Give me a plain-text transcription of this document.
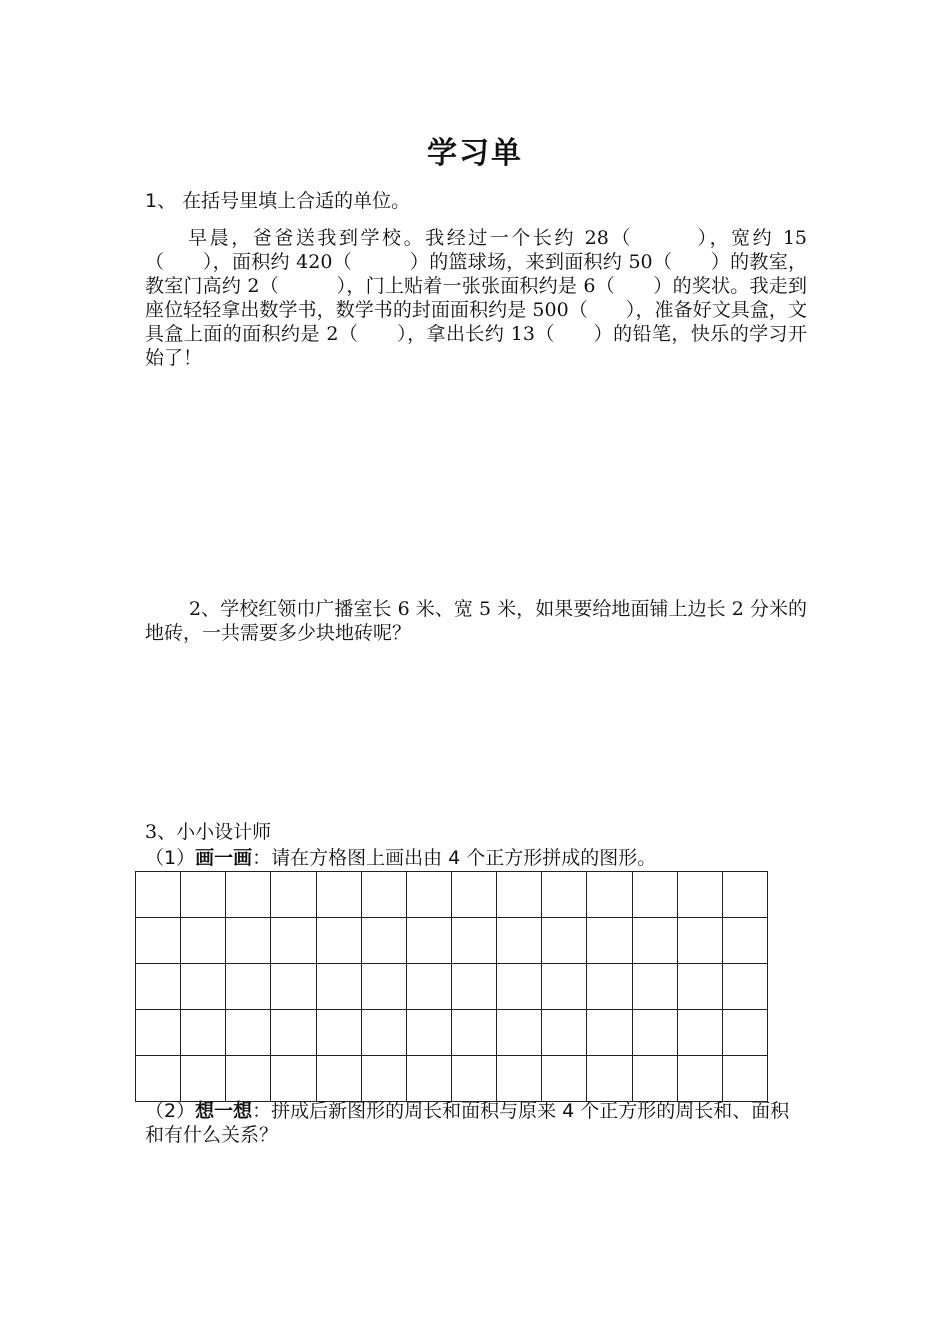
学习单
1、 在括号里填上合适的单位。
　　早晨，爸爸送我到学校。我经过一个长约 28（　　　），宽约 15（　　），面积约 420（　　　）的篮球场，来到面积约 50（　　）的教室，教室门高约 2（　　　），门上贴着一张张面积约是 6（　　）的奖状。我走到座位轻轻拿出数学书，数学书的封面面积约是 500（　　），准备好文具盒，文具盒上面的面积约是 2（　　），拿出长约 13（　　）的铅笔，快乐的学习开始了！
2、学校红领巾广播室长 6 米、宽 5 米，如果要给地面铺上边长 2 分米的地砖，一共需要多少块地砖呢？
3、小小设计师
（1）画一画：请在方格图上画出由 4 个正方形拼成的图形。

（2）想一想：拼成后新图形的周长和面积与原来 4 个正方形的周长和、面积和有什么关系？
